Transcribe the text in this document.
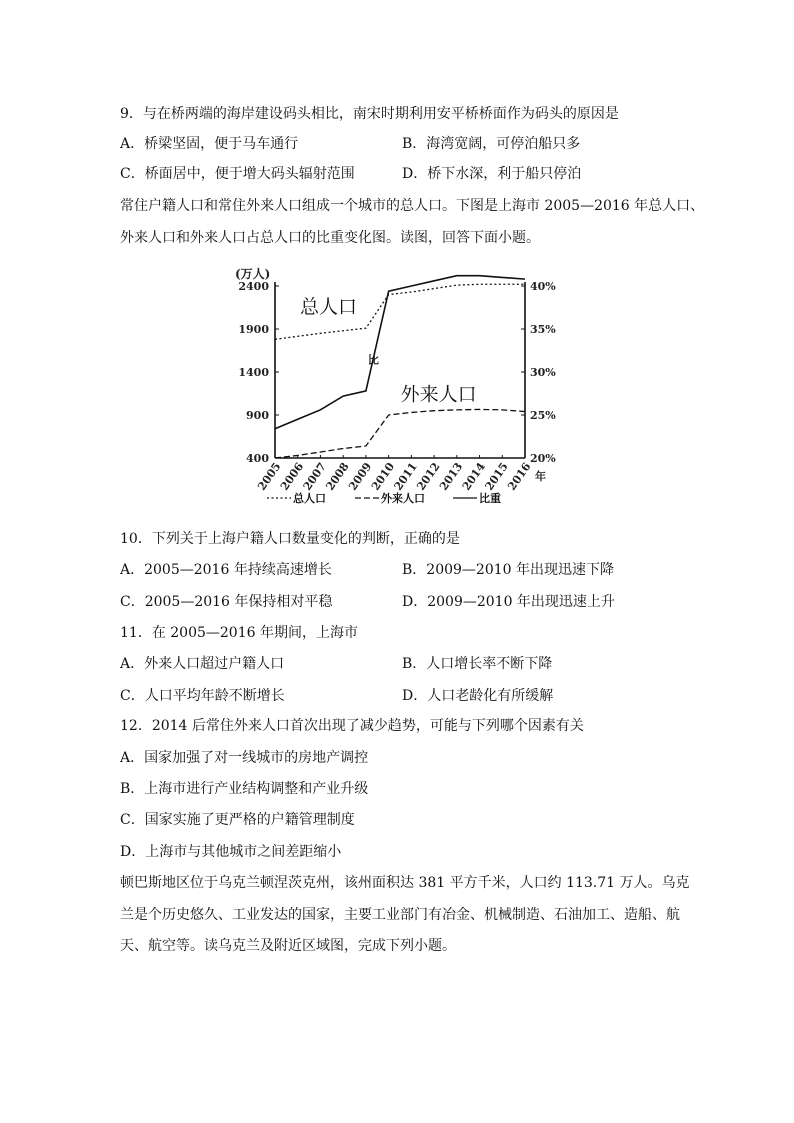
9．与在桥两端的海岸建设码头相比，南宋时期利用安平桥桥面作为码头的原因是
A．桥梁坚固，便于马车通行	B．海湾宽阔，可停泊船只多
C．桥面居中，便于增大码头辐射范围	D．桥下水深，利于船只停泊
常住户籍人口和常住外来人口组成一个城市的总人口。下图是上海市 2005—2016 年总人口、
外来人口和外来人口占总人口的比重变化图。读图，回答下面小题。
(万人)
400
900
1400
1900
2400
20%
25%
30%
35%
40%
2005
2006
2007
2008
2009
2010
2011
2012
2013
2014
2015
2016 年
总人口
外来人口
比
总人口	外来人口	比重
10．下列关于上海户籍人口数量变化的判断，正确的是
A．2005—2016 年持续高速增长	B．2009—2010 年出现迅速下降
C．2005—2016 年保持相对平稳	D．2009—2010 年出现迅速上升
11．在 2005—2016 年期间，上海市
A．外来人口超过户籍人口	B．人口增长率不断下降
C．人口平均年龄不断增长	D．人口老龄化有所缓解
12．2014 后常住外来人口首次出现了减少趋势，可能与下列哪个因素有关
A．国家加强了对一线城市的房地产调控
B．上海市进行产业结构调整和产业升级
C．国家实施了更严格的户籍管理制度
D．上海市与其他城市之间差距缩小
顿巴斯地区位于乌克兰顿涅茨克州，该州面积达 381 平方千米，人口约 113.71 万人。乌克
兰是个历史悠久、工业发达的国家，主要工业部门有冶金、机械制造、石油加工、造船、航
天、航空等。读乌克兰及附近区域图，完成下列小题。
